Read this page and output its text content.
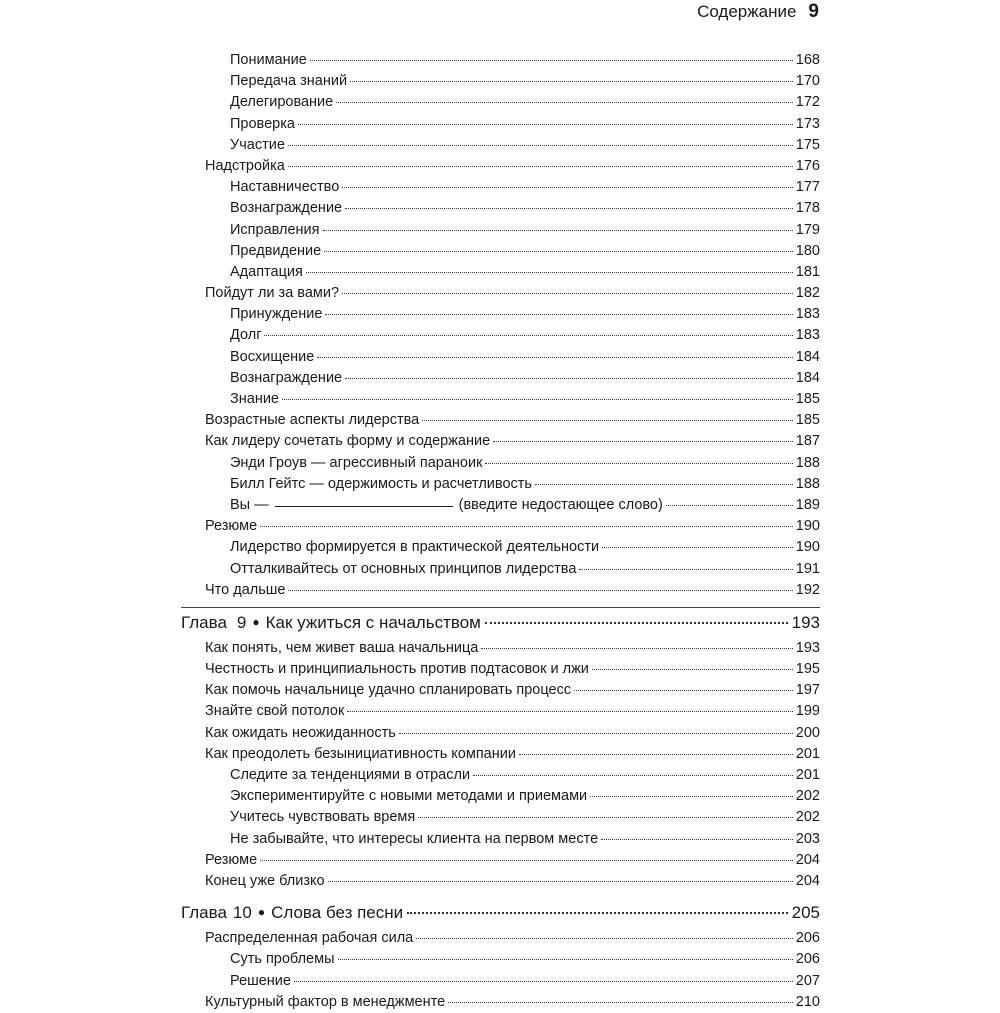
Содержание 9
Понимание	168
Передача знаний	170
Делегирование	172
Проверка	173
Участие	175
Надстройка	176
Наставничество	177
Вознаграждение	178
Исправления	179
Предвидение	180
Адаптация	181
Пойдут ли за вами?	182
Принуждение	183
Долг	183
Восхищение	184
Вознаграждение	184
Знание	185
Возрастные аспекты лидерства	185
Как лидеру сочетать форму и содержание	187
Энди Гроув — агрессивный параноик	188
Билл Гейтс — одержимость и расчетливость	188
Вы —	(введите недостающее слово)	189
Резюме	190
Лидерство формируется в практической деятельности	190
Отталкивайтесь от основных принципов лидерства	191
Что дальше	192
Глава 9 ● Как ужиться с начальством	193
Как понять, чем живет ваша начальница	193
Честность и принципиальность против подтасовок и лжи	195
Как помочь начальнице удачно спланировать процесс	197
Знайте свой потолок	199
Как ожидать неожиданность	200
Как преодолеть безынициативность компании	201
Следите за тенденциями в отрасли	201
Экспериментируйте с новыми методами и приемами	202
Учитесь чувствовать время	202
Не забывайте, что интересы клиента на первом месте	203
Резюме	204
Конец уже близко	204
Глава 10 ● Слова без песни	205
Распределенная рабочая сила	206
Суть проблемы	206
Решение	207
Культурный фактор в менеджменте	210
